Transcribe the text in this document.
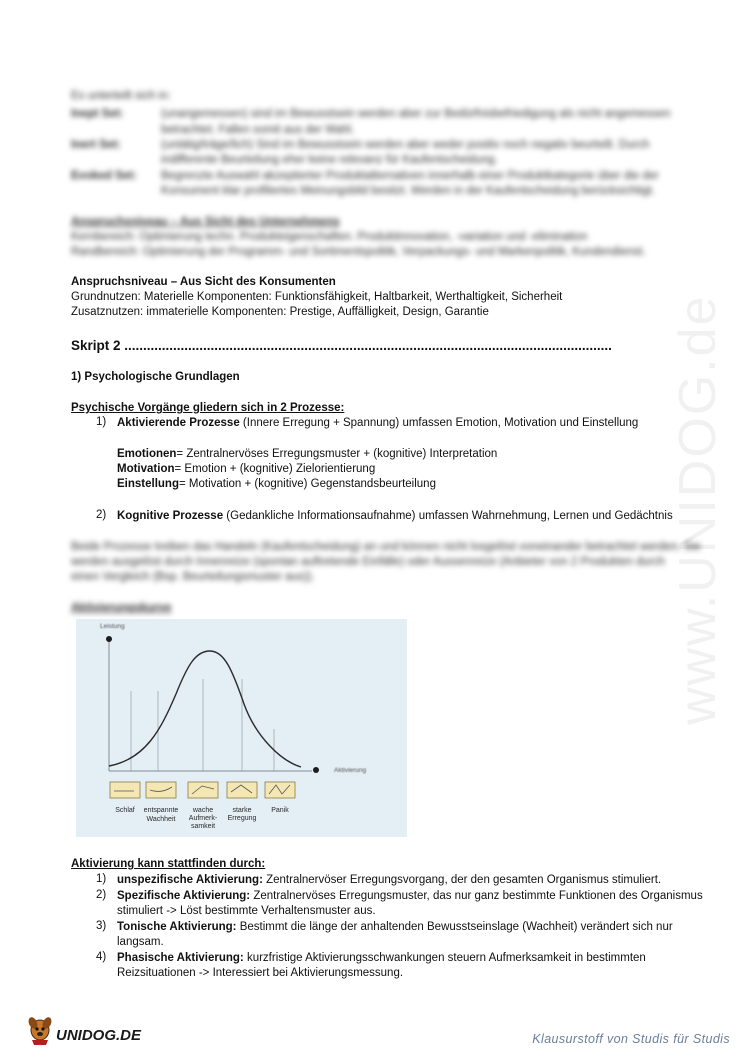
www.UNIDOG.de
Es unterteilt sich in:
Inept Set:	(unangemessen) sind im Bewusstsein werden aber zur Bedürfnisbefriedigung als nicht angemessen
betrachtet. Fallen somit aus der Wahl.
Inert Set:	(untätig/träge/lich) Sind im Bewusstsein werden aber weder positiv noch negativ beurteilt. Durch
indifferente Beurteilung eher keine relevanz für Kaufentscheidung.
Evoked Set: Begrenzte Auswahl akzeptierter Produktalternativen innerhalb einer Produktkategorie über die der
Konsument klar profiliertes Meinungsbild besitzt. Werden in der Kaufentscheidung berücksichtigt.
Anspruchsniveau – Aus Sicht des Unternehmens
Kernbereich: Optimierung techn. Produkteigenschaften. Produktinnovation, -variation und -elimination
Randbereich: Optimierung der Programm- und Sortimentspolitik, Verpackungs- und Markenpolitik, Kundendienst.
Anspruchsniveau – Aus Sicht des Konsumenten
Grundnutzen: Materielle Komponenten: Funktionsfähigkeit, Haltbarkeit, Werthaltigkeit, Sicherheit
Zusatznutzen: immaterielle Komponenten: Prestige, Auffälligkeit, Design, Garantie
Skript 2 ..................................................................................................................................
1) Psychologische Grundlagen
Psychische Vorgänge gliedern sich in 2 Prozesse:
1) Aktivierende Prozesse (Innere Erregung + Spannung) umfassen Emotion, Motivation und Einstellung
Emotionen= Zentralnervöses Erregungsmuster + (kognitive) Interpretation
Motivation= Emotion + (kognitive) Zielorientierung
Einstellung= Motivation + (kognitive) Gegenstandsbeurteilung
2) Kognitive Prozesse (Gedankliche Informationsaufnahme) umfassen Wahrnehmung, Lernen und Gedächtnis
Beide Prozesse treiben das Handeln (Kaufentscheidung) an und können nicht losgelöst voneinander betrachtet werden. Sie
werden ausgelöst durch Innenreize (spontan auftretende Einfälle) oder Aussenreize (Anbieter von 2 Produkten durch
einen Vergleich (Bsp. Beurteilungsmuster aus)).
Aktivierungskurve
Leistung
Aktivierung
Schlaf entspannte
Wachheit
wache
Aufmerk-
samkeit
starke
Erregung
Panik
Aktivierung kann stattfinden durch:
1) unspezifische Aktivierung: Zentralnervöser Erregungsvorgang, der den gesamten Organismus stimuliert.
2) Spezifische Aktivierung: Zentralnervöses Erregungsmuster, das nur ganz bestimmte Funktionen des Organismus
stimuliert -> Löst bestimmte Verhaltensmuster aus.
3) Tonische Aktivierung: Bestimmt die länge der anhaltenden Bewusstseinslage (Wachheit) verändert sich nur
langsam.
4) Phasische Aktivierung: kurzfristige Aktivierungsschwankungen steuern Aufmerksamkeit in bestimmten
Reizsituationen -> Interessiert bei Aktivierungsmessung.
UNIDOG.DE	Klausurstoff von Studis für Studis
